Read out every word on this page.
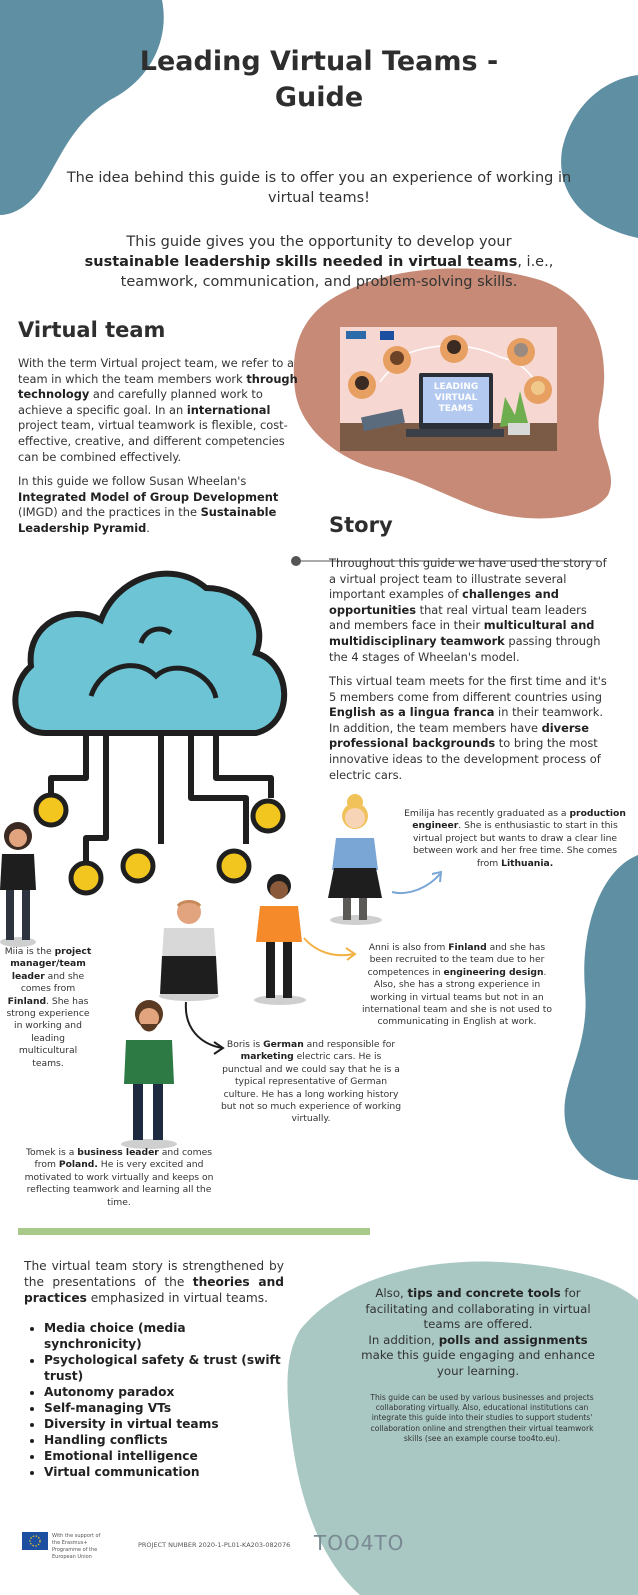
Leading Virtual Teams -
Guide
The idea behind this guide is to offer you an experience of working in virtual teams!
This guide gives you the opportunity to develop your sustainable leadership skills needed in virtual teams, i.e., teamwork, communication, and problem-solving skills.
Virtual team
With the term Virtual project team, we refer to a team in which the team members work through technology and carefully planned work to achieve a specific goal. In an international project team, virtual teamwork is flexible, cost-effective, creative, and different competencies can be combined effectively.
In this guide we follow Susan Wheelan's Integrated Model of Group Development (IMGD) and the practices in the Sustainable Leadership Pyramid.
LEADING
VIRTUAL
TEAMS
Story
Throughout this guide we have used the story of a virtual project team to illustrate several important examples of challenges and opportunities that real virtual team leaders and members face in their multicultural and multidisciplinary teamwork passing through the 4 stages of Wheelan's model.
This virtual team meets for the first time and it's 5 members come from different countries using English as a lingua franca in their teamwork. In addition, the team members have diverse professional backgrounds to bring the most innovative ideas to the development process of electric cars.
Emilija has recently graduated as a production engineer. She is enthusiastic to start in this virtual project but wants to draw a clear line between work and her free time. She comes from Lithuania.
Anni is also from Finland and she has been recruited to the team due to her competences in engineering design. Also, she has a strong experience in working in virtual teams but not in an international team and she is not used to communicating in English at work.
Miia is the project manager/team leader and she comes from Finland. She has strong experience in working and leading multicultural teams.
Boris is German and responsible for marketing electric cars. He is punctual and we could say that he is a typical representative of German culture. He has a long working history but not so much experience of working virtually.
Tomek is a business leader and comes from Poland. He is very excited and motivated to work virtually and keeps on reflecting teamwork and learning all the time.
The virtual team story is strengthened by the presentations of the theories and practices emphasized in virtual teams.
• Media choice (media synchronicity)
• Psychological safety & trust (swift trust)
• Autonomy paradox
• Self-managing VTs
• Diversity in virtual teams
• Handling conflicts
• Emotional intelligence
• Virtual communication
Also, tips and concrete tools for facilitating and collaborating in virtual teams are offered.
In addition, polls and assignments make this guide engaging and enhance your learning.
This guide can be used by various businesses and projects collaborating virtually. Also, educational institutions can integrate this guide into their studies to support students' collaboration online and strengthen their virtual teamwork skills (see an example course too4to.eu).
With the support of the Erasmus+ Programme of the European Union
PROJECT NUMBER 2020-1-PL01-KA203-082076 TOO4TO
